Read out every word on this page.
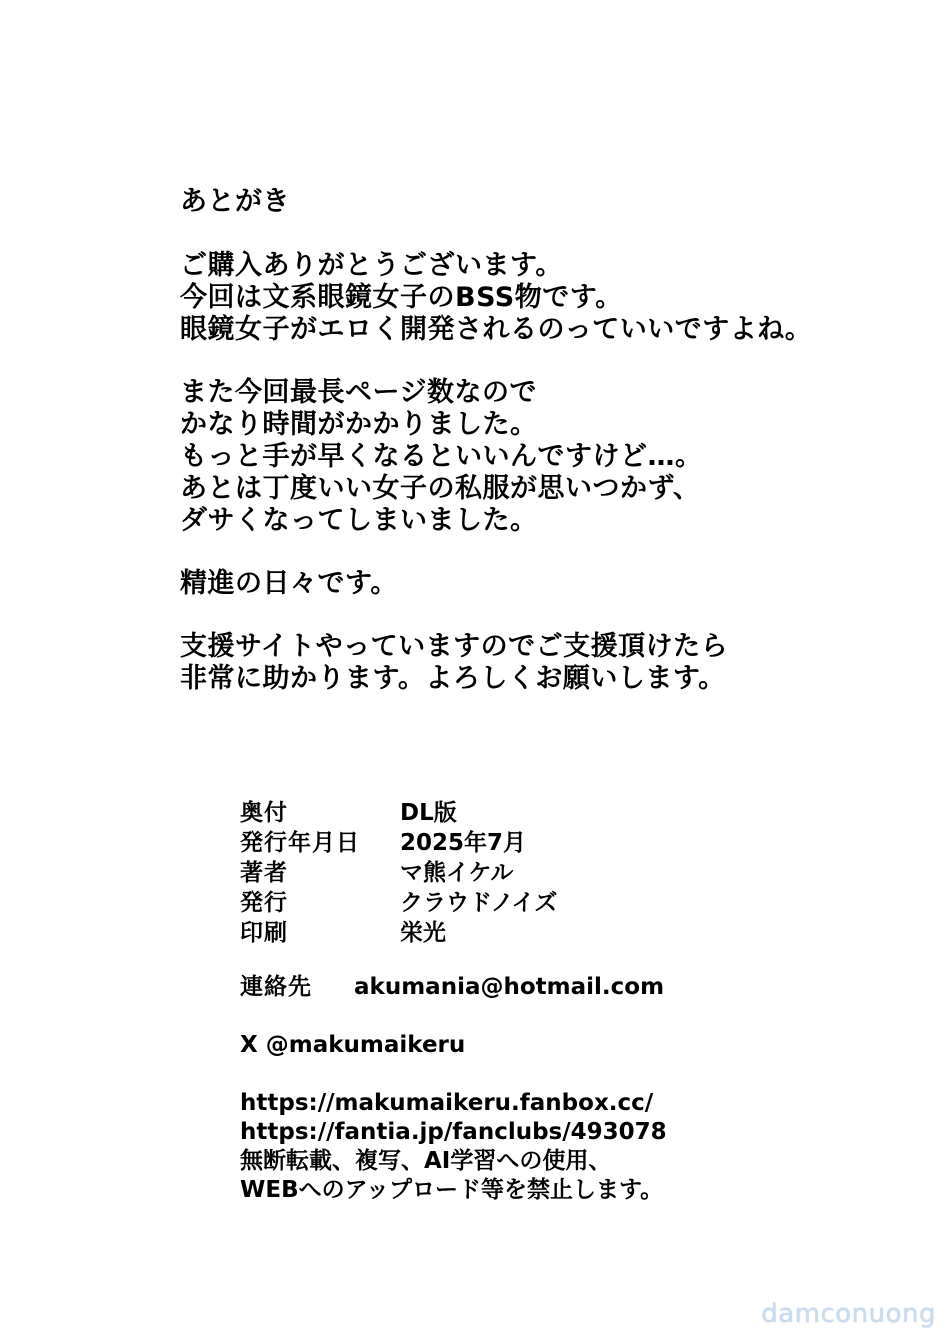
あとがき
ご購入ありがとうございます。
今回は文系眼鏡女子のBSS物です。
眼鏡女子がエロく開発されるのっていいですよね。
また今回最長ページ数なので
かなり時間がかかりました。
もっと手が早くなるといいんですけど…。
あとは丁度いい女子の私服が思いつかず、
ダサくなってしまいました。
精進の日々です。
支援サイトやっていますのでご支援頂けたら
非常に助かります。よろしくお願いします。
奥付	DL版
発行年月日	2025年7月
著者	マ熊イケル
発行	クラウドノイズ
印刷	栄光
連絡先 akumania@hotmail.com
X @makumaikeru
https://makumaikeru.fanbox.cc/
https://fantia.jp/fanclubs/493078
無断転載、複写、AI学習への使用、
WEBへのアップロード等を禁止します。
damconuong
